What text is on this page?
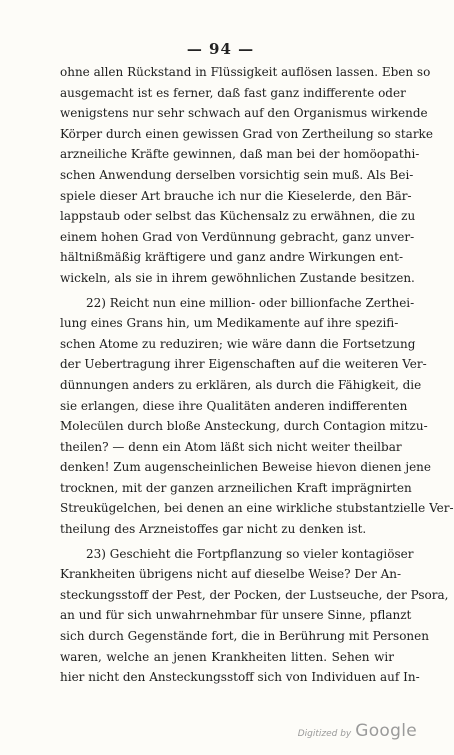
— 94 —
ohne allen Rückstand in Flüssigkeit auflösen lassen. Eben so
ausgemacht ist es ferner, daß fast ganz indifferente oder
wenigstens nur sehr schwach auf den Organismus wirkende
Körper durch einen gewissen Grad von Zertheilung so starke
arzneiliche Kräfte gewinnen, daß man bei der homöopathi-
schen Anwendung derselben vorsichtig sein muß. Als Bei-
spiele dieser Art brauche ich nur die Kieselerde, den Bär-
lappstaub oder selbst das Küchensalz zu erwähnen, die zu
einem hohen Grad von Verdünnung gebracht, ganz unver-
hältnißmäßig kräftigere und ganz andre Wirkungen ent-
wickeln, als sie in ihrem gewöhnlichen Zustande besitzen.
22) Reicht nun eine million- oder billionfache Zerthei-
lung eines Grans hin, um Medikamente auf ihre spezifi-
schen Atome zu reduziren; wie wäre dann die Fortsetzung
der Uebertragung ihrer Eigenschaften auf die weiteren Ver-
dünnungen anders zu erklären, als durch die Fähigkeit, die
sie erlangen, diese ihre Qualitäten anderen indifferenten
Molecülen durch bloße Ansteckung, durch Contagion mitzu-
theilen? — denn ein Atom läßt sich nicht weiter theilbar
denken! Zum augenscheinlichen Beweise hievon dienen jene
trocknen, mit der ganzen arzneilichen Kraft imprägnirten
Streukügelchen, bei denen an eine wirkliche stubstantzielle Ver-
theilung des Arzneistoffes gar nicht zu denken ist.
23) Geschieht die Fortpflanzung so vieler kontagiöser
Krankheiten übrigens nicht auf dieselbe Weise? Der An-
steckungsstoff der Pest, der Pocken, der Lustseuche, der Psora,
an und für sich unwahrnehmbar für unsere Sinne, pflanzt
sich durch Gegenstände fort, die in Berührung mit Personen
waren, welche an jenen Krankheiten litten. Sehen wir
hier nicht den Ansteckungsstoff sich von Individuen auf In-
Digitized by Google
